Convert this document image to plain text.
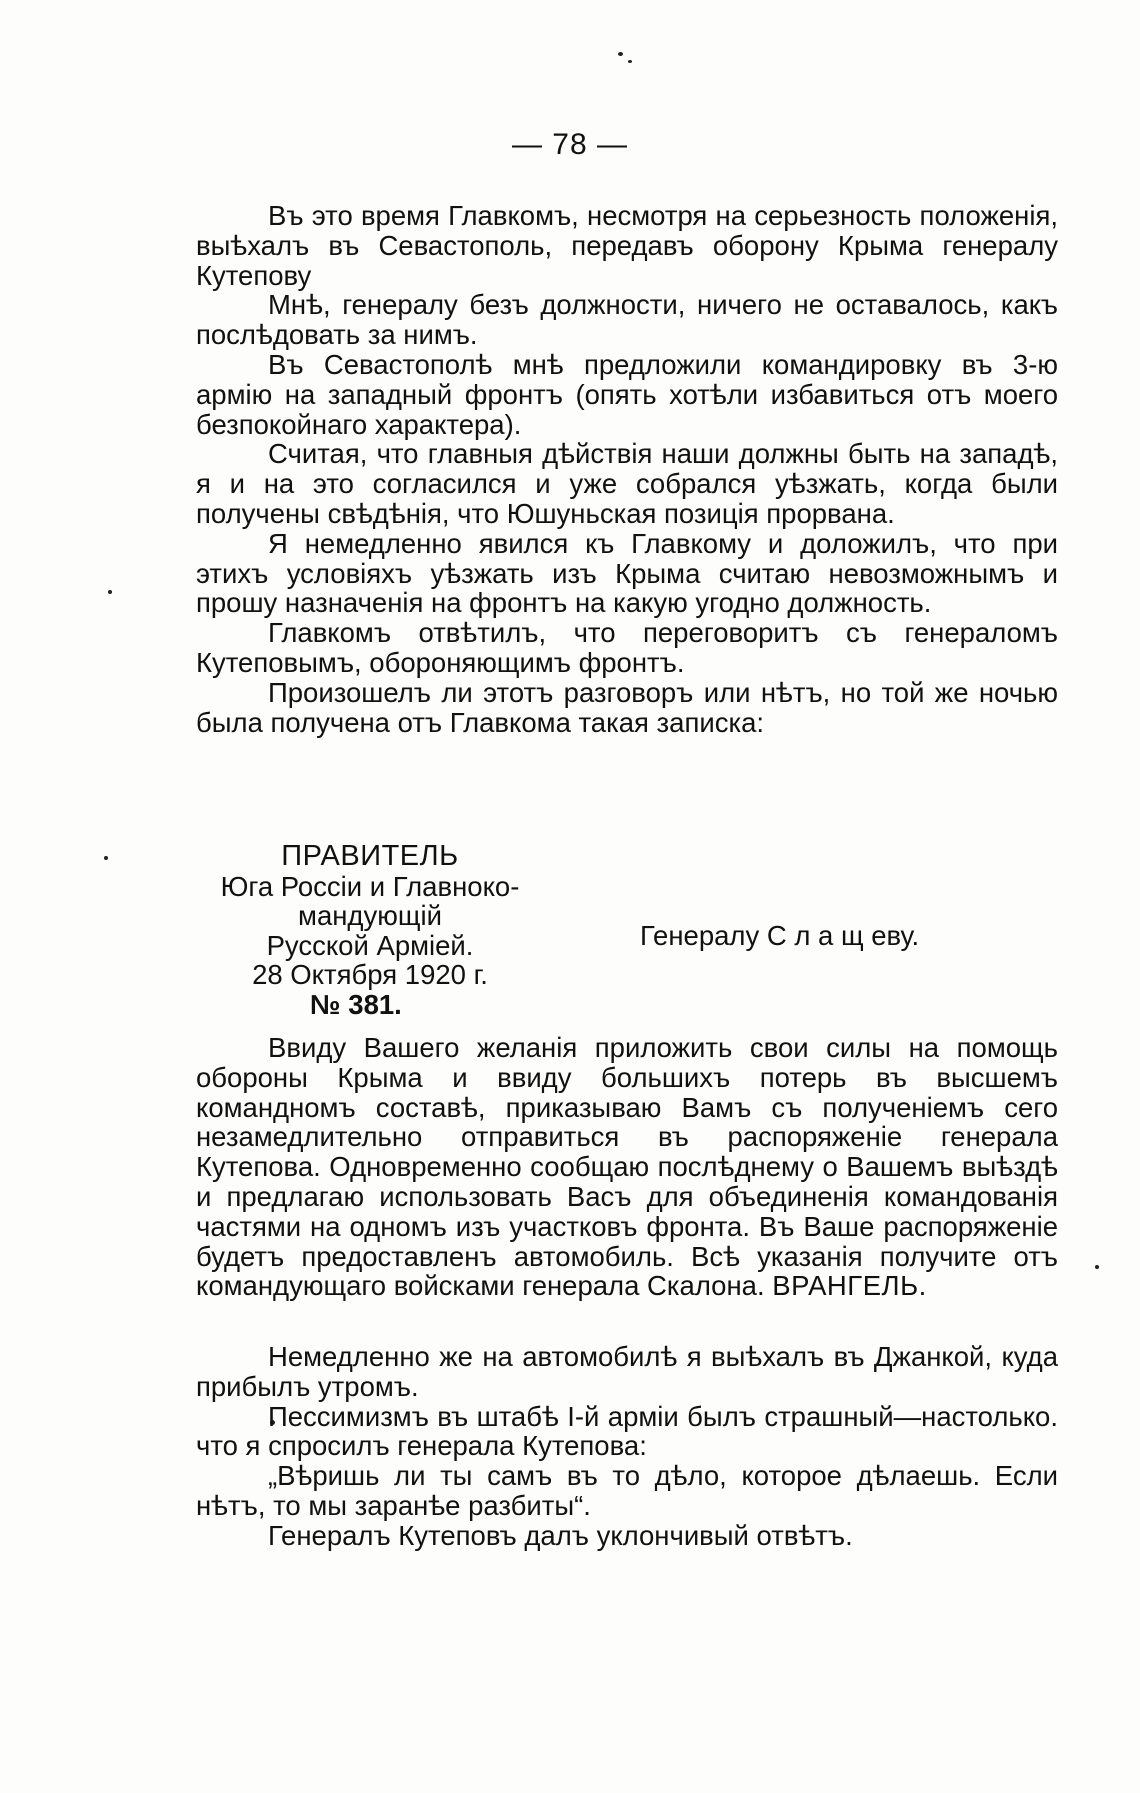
— 78 —

Въ это время Главкомъ, несмотря на серьезность положенія, выѣхалъ въ Севастополь, передавъ оборону Крыма генералу Кутепову

Мнѣ, генералу безъ должности, ничего не оставалось, какъ послѣдовать за нимъ.

Въ Севастополѣ мнѣ предложили командировку въ 3-ю армію на западный фронтъ (опять хотѣли избавиться отъ моего безпокойнаго характера).

Считая, что главныя дѣйствія наши должны быть на западѣ, я и на это согласился и уже собрался уѣзжать, когда были получены свѣдѣнія, что Юшуньская позиція прорвана.

Я немедленно явился къ Главкому и доложилъ, что при этихъ условіяхъ уѣзжать изъ Крыма считаю невозможнымъ и прошу назначенія на фронтъ на какую угодно должность.

Главкомъ отвѣтилъ, что переговоритъ съ генераломъ Кутеповымъ, обороняющимъ фронтъ.

Произошелъ ли этотъ разговоръ или нѣтъ, но той же ночью была получена отъ Главкома такая записка:

ПРАВИТЕЛЬ
Юга Россіи и Главноко-
мандующій
Русской Арміей.
28 Октября 1920 г.
№ 381.
Генералу С л а щ еву.

Ввиду Вашего желанія приложить свои силы на помощь обороны Крыма и ввиду большихъ потерь въ высшемъ командномъ составѣ, приказываю Вамъ съ полученіемъ сего незамедлительно отправиться въ распоряженіе генерала Кутепова. Одновременно сообщаю послѣднему о Вашемъ выѣздѣ и предлагаю использовать Васъ для объединенія командованія частями на одномъ изъ участковъ фронта. Въ Ваше распоряженіе будетъ предоставленъ автомобиль. Всѣ указанія получите отъ командующаго войсками генерала Скалона. ВРАНГЕЛЬ.

Немедленно же на автомобилѣ я выѣхалъ въ Джанкой, куда прибылъ утромъ.

Пессимизмъ въ штабѣ І-й арміи былъ страшный—настолько. что я спросилъ генерала Кутепова:

„Вѣришь ли ты самъ въ то дѣло, которое дѣлаешь. Если нѣтъ, то мы заранѣе разбиты“.

Генералъ Кутеповъ далъ уклончивый отвѣтъ.
